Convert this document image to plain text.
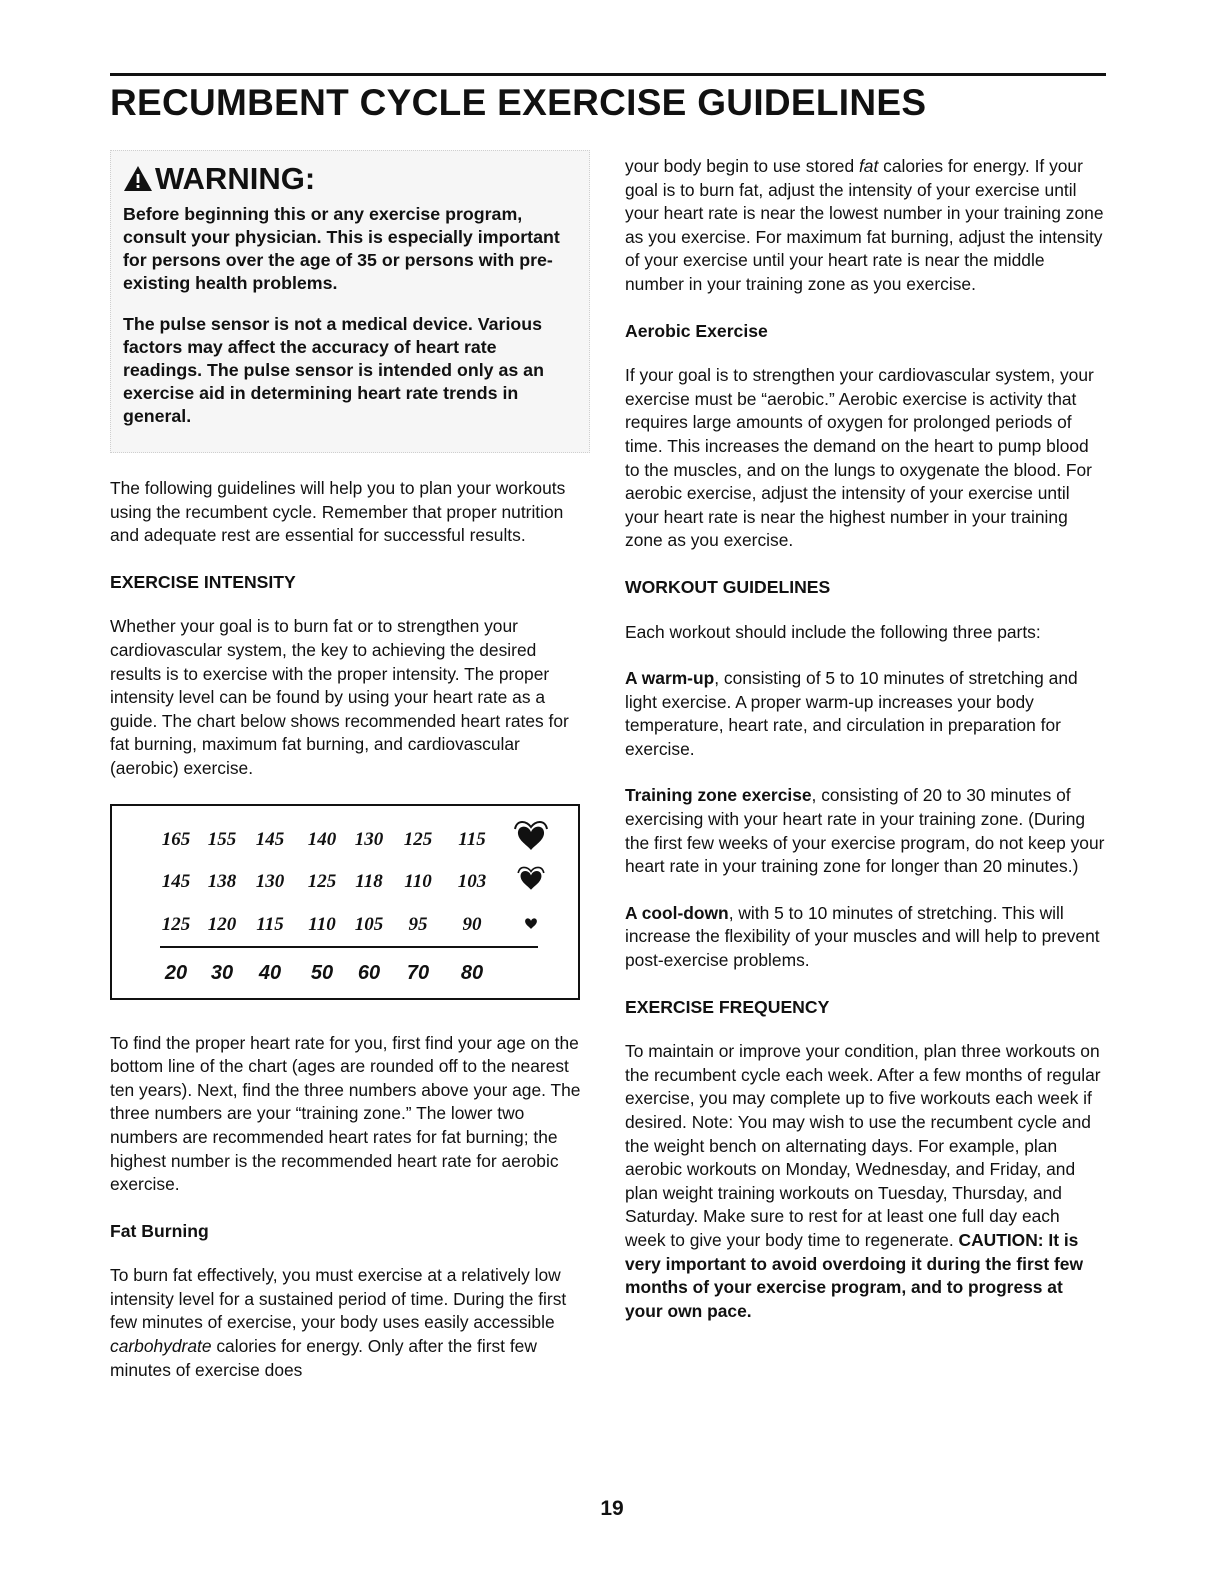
RECUMBENT CYCLE EXERCISE GUIDELINES
WARNING:

Before beginning this or any exercise program, consult your physician. This is especially important for persons over the age of 35 or persons with pre-existing health problems.

The pulse sensor is not a medical device. Various factors may affect the accuracy of heart rate readings. The pulse sensor is intended only as an exercise aid in determining heart rate trends in general.

The following guidelines will help you to plan your workouts using the recumbent cycle. Remember that proper nutrition and adequate rest are essential for successful results.

EXERCISE INTENSITY

Whether your goal is to burn fat or to strengthen your cardiovascular system, the key to achieving the desired results is to exercise with the proper intensity. The proper intensity level can be found by using your heart rate as a guide. The chart below shows recommended heart rates for fat burning, maximum fat burning, and cardiovascular (aerobic) exercise.

165 155 145 140 130 125 115
145 138 130 125 118 110 103
125 120 115 110 105 95 90
20 30 40 50 60 70 80

To find the proper heart rate for you, first find your age on the bottom line of the chart (ages are rounded off to the nearest ten years). Next, find the three numbers above your age. The three numbers are your “training zone.” The lower two numbers are recommended heart rates for fat burning; the highest number is the recommended heart rate for aerobic exercise.

Fat Burning

To burn fat effectively, you must exercise at a relatively low intensity level for a sustained period of time. During the first few minutes of exercise, your body uses easily accessible carbohydrate calories for energy. Only after the first few minutes of exercise does

your body begin to use stored fat calories for energy. If your goal is to burn fat, adjust the intensity of your exercise until your heart rate is near the lowest number in your training zone as you exercise. For maximum fat burning, adjust the intensity of your exercise until your heart rate is near the middle number in your training zone as you exercise.

Aerobic Exercise

If your goal is to strengthen your cardiovascular system, your exercise must be “aerobic.” Aerobic exercise is activity that requires large amounts of oxygen for prolonged periods of time. This increases the demand on the heart to pump blood to the muscles, and on the lungs to oxygenate the blood. For aerobic exercise, adjust the intensity of your exercise until your heart rate is near the highest number in your training zone as you exercise.

WORKOUT GUIDELINES

Each workout should include the following three parts:

A warm-up, consisting of 5 to 10 minutes of stretching and light exercise. A proper warm-up increases your body temperature, heart rate, and circulation in preparation for exercise.

Training zone exercise, consisting of 20 to 30 minutes of exercising with your heart rate in your training zone. (During the first few weeks of your exercise program, do not keep your heart rate in your training zone for longer than 20 minutes.)

A cool-down, with 5 to 10 minutes of stretching. This will increase the flexibility of your muscles and will help to prevent post-exercise problems.

EXERCISE FREQUENCY

To maintain or improve your condition, plan three workouts on the recumbent cycle each week. After a few months of regular exercise, you may complete up to five workouts each week if desired. Note: You may wish to use the recumbent cycle and the weight bench on alternating days. For example, plan aerobic workouts on Monday, Wednesday, and Friday, and plan weight training workouts on Tuesday, Thursday, and Saturday. Make sure to rest for at least one full day each week to give your body time to regenerate. CAUTION: It is very important to avoid overdoing it during the first few months of your exercise program, and to progress at your own pace.

19
